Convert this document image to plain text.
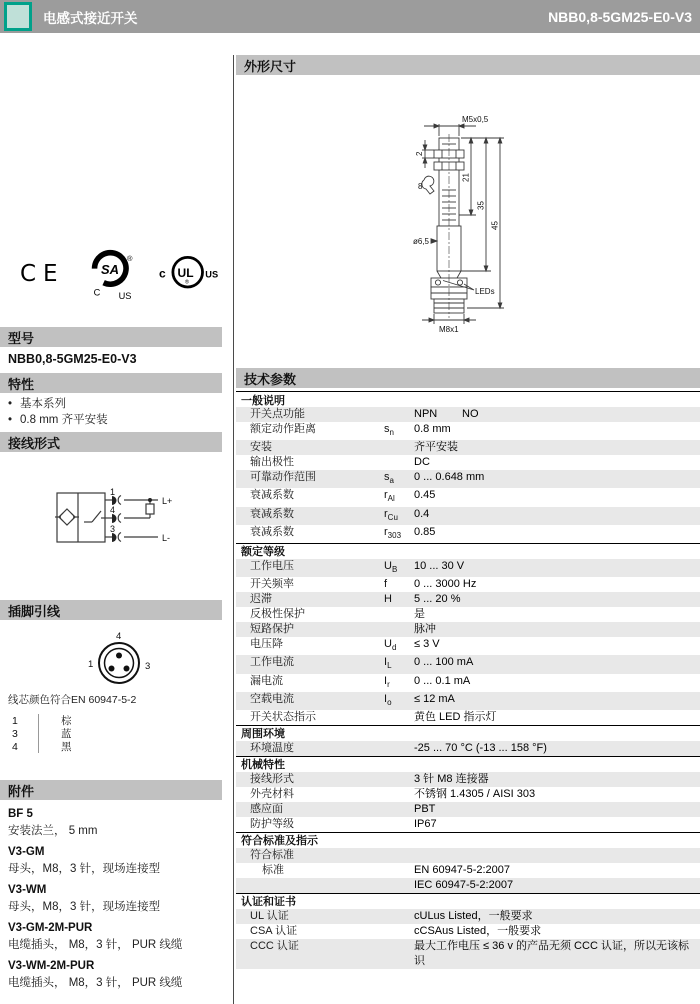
电感式接近开关	NBB0,8-5GM25-E0-V3
CE	SA
®
C US
c UL
®
US
型号
NBB0,8-5GM25-E0-V3
特性
• 基本系列
• 0.8 mm 齐平安装
接线形式
1
4
3
L+
L-
插脚引线
4
1	3
线芯颜色符合EN 60947-5-2
1	棕
3	蓝
4	黑
附件
BF 5
安装法兰， 5 mm
V3-GM
母头，M8，3 针，现场连接型
V3-WM
母头，M8，3 针，现场连接型
V3-GM-2M-PUR
电缆插头， M8，3 针， PUR 线缆
V3-WM-2M-PUR
电缆插头， M8，3 针， PUR 线缆
外形尺寸
M5x0,5
2
8
21
35
45
ø6,5
LEDs
M8x1
技术参数
一般说明
开关点功能	NPN NO
额定动作距离	$s_n$	0.8 mm
安装	齐平安装
输出极性	DC
可靠动作范围	$s_a$	0 ... 0.648 mm
衰减系数	$r_{Al}$	0.45
衰减系数	$r_{Cu}$	0.4
衰减系数	$r_{303}$	0.85
额定等级
工作电压	$U_B$	10 ... 30 V
开关频率	f	0 ... 3000 Hz
迟滞	H	5 ... 20 %
反极性保护	是
短路保护	脉冲
电压降	$U_d$	≤ 3 V
工作电流	$I_L$	0 ... 100 mA
漏电流	$I_r$	0 ... 0.1 mA
空载电流	$I_o$	≤ 12 mA
开关状态指示	黄色 LED 指示灯
周围环境
环境温度	-25 ... 70 °C (-13 ... 158 °F)
机械特性
接线形式	3 针 M8 连接器
外壳材料	不锈钢 1.4305 / AISI 303
感应面	PBT
防护等级	IP67
符合标准及指示
符合标准
标准	EN 60947-5-2:2007
IEC 60947-5-2:2007
认证和证书
UL 认证	cULus Listed，一般要求
CSA 认证	cCSAus Listed，一般要求
CCC 认证	最大工作电压 ≤ 36 v 的产品无须 CCC 认证，所以无该标识
